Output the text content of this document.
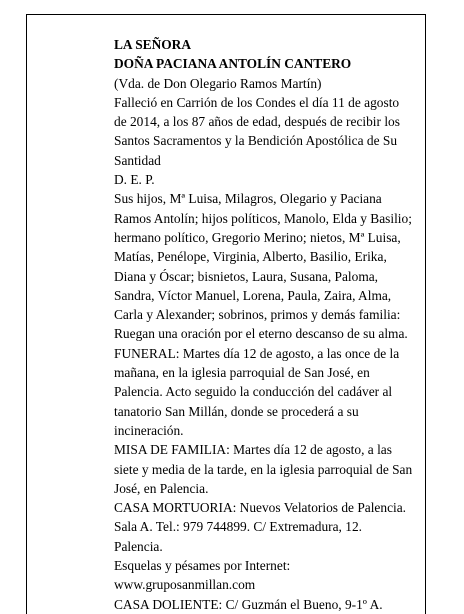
LA SEÑORA

DOÑA PACIANA ANTOLÍN CANTERO

(Vda. de Don Olegario Ramos Martín)

Falleció en Carrión de los Condes el día 11 de agosto de 2014, a los 87 años de edad, después de recibir los Santos Sacramentos y la Bendición Apostólica de Su Santidad

D. E. P.

Sus hijos, Mª Luisa, Milagros, Olegario y Paciana Ramos Antolín; hijos políticos, Manolo, Elda y Basilio; hermano político, Gregorio Merino; nietos, Mª Luisa, Matías, Penélope, Virginia, Alberto, Basilio, Erika, Diana y Óscar; bisnietos, Laura, Susana, Paloma, Sandra, Víctor Manuel, Lorena, Paula, Zaira, Alma, Carla y Alexander; sobrinos, primos y demás familia: Ruegan una oración por el eterno descanso de su alma.

FUNERAL: Martes día 12 de agosto, a las once de la mañana, en la iglesia parroquial de San José, en Palencia. Acto seguido la conducción del cadáver al tanatorio San Millán, donde se procederá a su incineración.

MISA DE FAMILIA: Martes día 12 de agosto, a las siete y media de la tarde, en la iglesia parroquial de San José, en Palencia.

CASA MORTUORIA: Nuevos Velatorios de Palencia. Sala A. Tel.: 979 744899. C/ Extremadura, 12. Palencia.

Esquelas y pésames por Internet: www.gruposanmillan.com

CASA DOLIENTE: C/ Guzmán el Bueno, 9-1º A.
